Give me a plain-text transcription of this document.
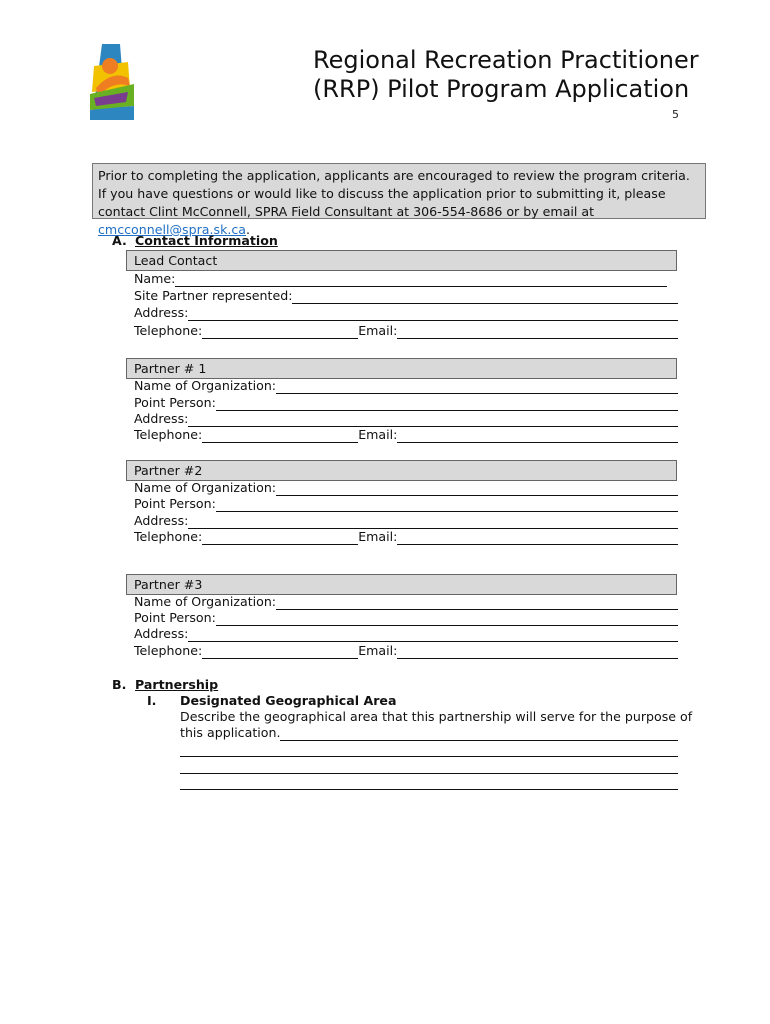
Regional Recreation Practitioner
(RRP) Pilot Program Application
5
Prior to completing the application, applicants are encouraged to review the program criteria. If you have questions or would like to discuss the application prior to submitting it, please contact Clint McConnell, SPRA Field Consultant at 306-554-8686 or by email at cmcconnell@spra.sk.ca.
A. Contact Information
Lead Contact
Name:
Site Partner represented:
Address:
Telephone:	Email:
Partner # 1
Name of Organization:
Point Person:
Address:
Telephone:	Email:
Partner #2
Name of Organization:
Point Person:
Address:
Telephone:	Email:
Partner #3
Name of Organization:
Point Person:
Address:
Telephone:	Email:
B. Partnership
I. Designated Geographical Area
Describe the geographical area that this partnership will serve for the purpose of
this application.
